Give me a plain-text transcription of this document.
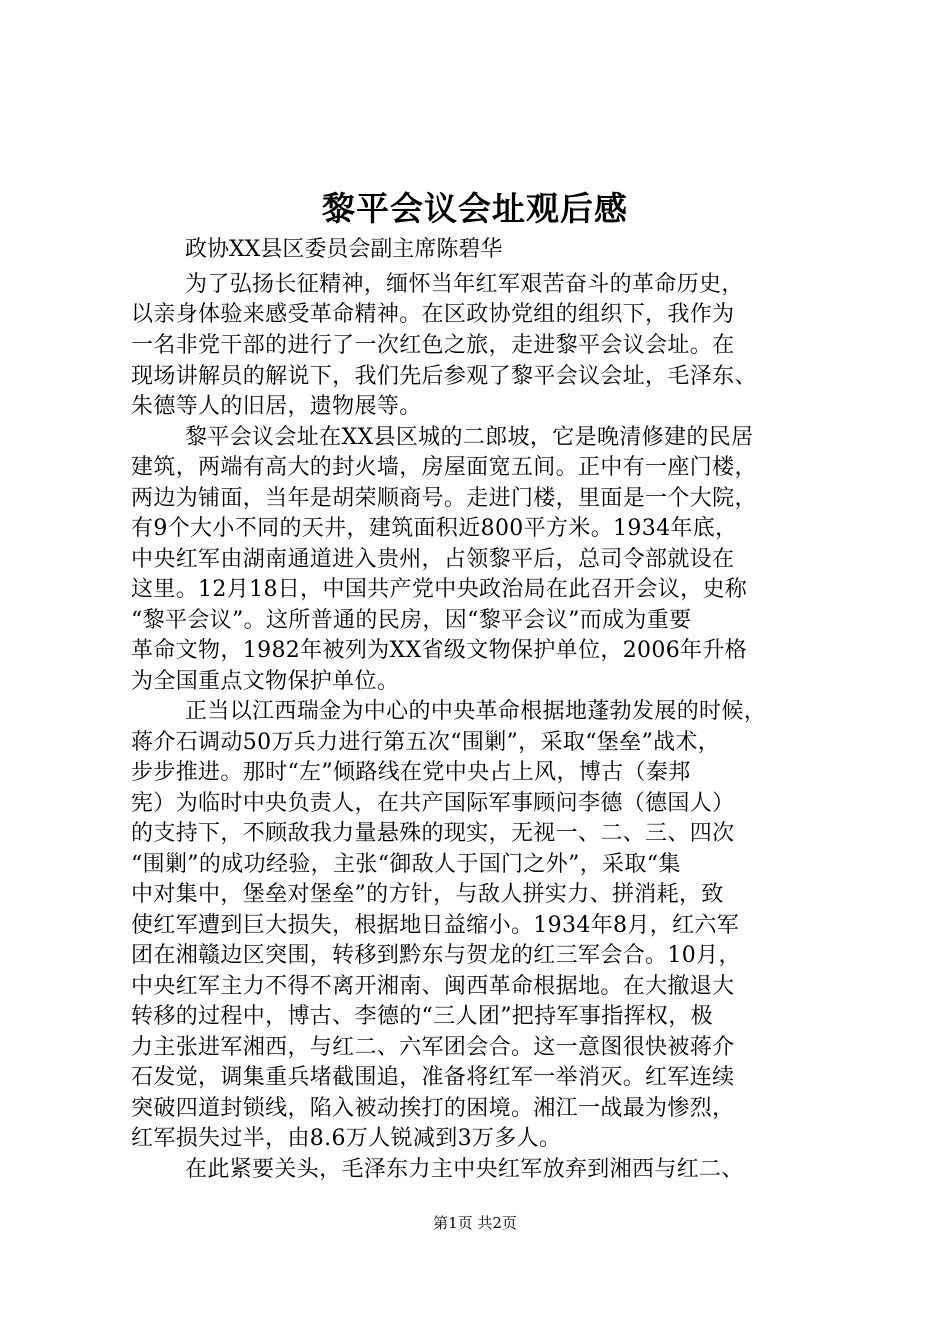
黎平会议会址观后感
政协XX县区委员会副主席陈碧华
为了弘扬长征精神，缅怀当年红军艰苦奋斗的革命历史，
以亲身体验来感受革命精神。在区政协党组的组织下，我作为
一名非党干部的进行了一次红色之旅，走进黎平会议会址。在
现场讲解员的解说下，我们先后参观了黎平会议会址，毛泽东、
朱德等人的旧居，遗物展等。
黎平会议会址在XX县区城的二郎坡，它是晚清修建的民居
建筑，两端有高大的封火墙，房屋面宽五间。正中有一座门楼，
两边为铺面，当年是胡荣顺商号。走进门楼，里面是一个大院，
有9个大小不同的天井，建筑面积近800平方米。1934年底，
中央红军由湖南通道进入贵州，占领黎平后，总司令部就设在
这里。12月18日，中国共产党中央政治局在此召开会议，史称
“黎平会议”。这所普通的民房，因“黎平会议”而成为重要
革命文物，1982年被列为XX省级文物保护单位，2006年升格
为全国重点文物保护单位。
正当以江西瑞金为中心的中央革命根据地蓬勃发展的时候，
蒋介石调动50万兵力进行第五次“围剿”，采取“堡垒”战术，
步步推进。那时“左”倾路线在党中央占上风，博古（秦邦
宪）为临时中央负责人，在共产国际军事顾问李德（德国人）
的支持下，不顾敌我力量悬殊的现实，无视一、二、三、四次
“围剿”的成功经验，主张“御敌人于国门之外”，采取“集
中对集中，堡垒对堡垒”的方针，与敌人拼实力、拼消耗，致
使红军遭到巨大损失，根据地日益缩小。1934年8月，红六军
团在湘赣边区突围，转移到黔东与贺龙的红三军会合。10月，
中央红军主力不得不离开湘南、闽西革命根据地。在大撤退大
转移的过程中，博古、李德的“三人团”把持军事指挥权，极
力主张进军湘西，与红二、六军团会合。这一意图很快被蒋介
石发觉，调集重兵堵截围追，准备将红军一举消灭。红军连续
突破四道封锁线，陷入被动挨打的困境。湘江一战最为惨烈，
红军损失过半，由8.6万人锐减到3万多人。
在此紧要关头，毛泽东力主中央红军放弃到湘西与红二、
第1页 共2页
